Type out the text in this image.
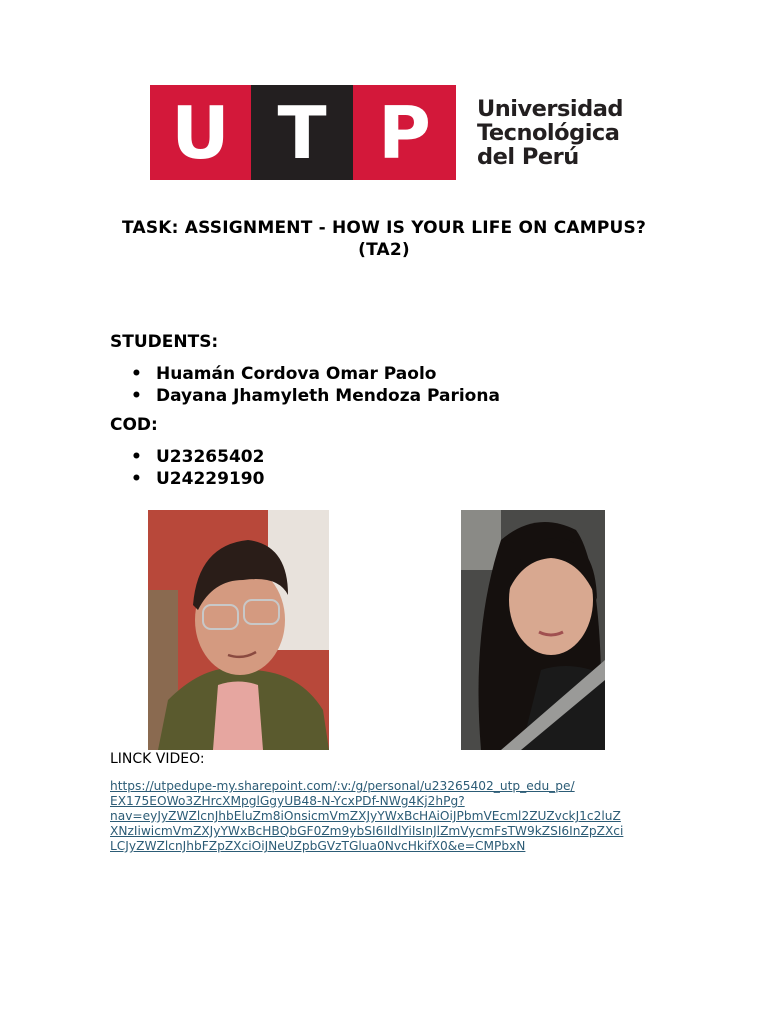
U T P	Universidad
Tecnológica
del Perú
TASK: ASSIGNMENT - HOW IS YOUR LIFE ON CAMPUS?
(TA2)
STUDENTS:
• Huamán Cordova Omar Paolo
• Dayana Jhamyleth Mendoza Pariona
COD:
• U23265402
• U24229190
LINCK VIDEO:
https://utpedupe-my.sharepoint.com/:v:/g/personal/u23265402_utp_edu_pe/
EX175EOWo3ZHrcXMpglGgyUB48-N-YcxPDf-NWg4Kj2hPg?
nav=eyJyZWZlcnJhbEluZm8iOnsicmVmZXJyYWxBcHAiOiJPbmVEcml2ZUZvckJ1c2luZ
XNzIiwicmVmZXJyYWxBcHBQbGF0Zm9ybSI6IldlYiIsInJlZmVycmFsTW9kZSI6InZpZXci
LCJyZWZlcnJhbFZpZXciOiJNeUZpbGVzTGlua0NvcHkifX0&e=CMPbxN
